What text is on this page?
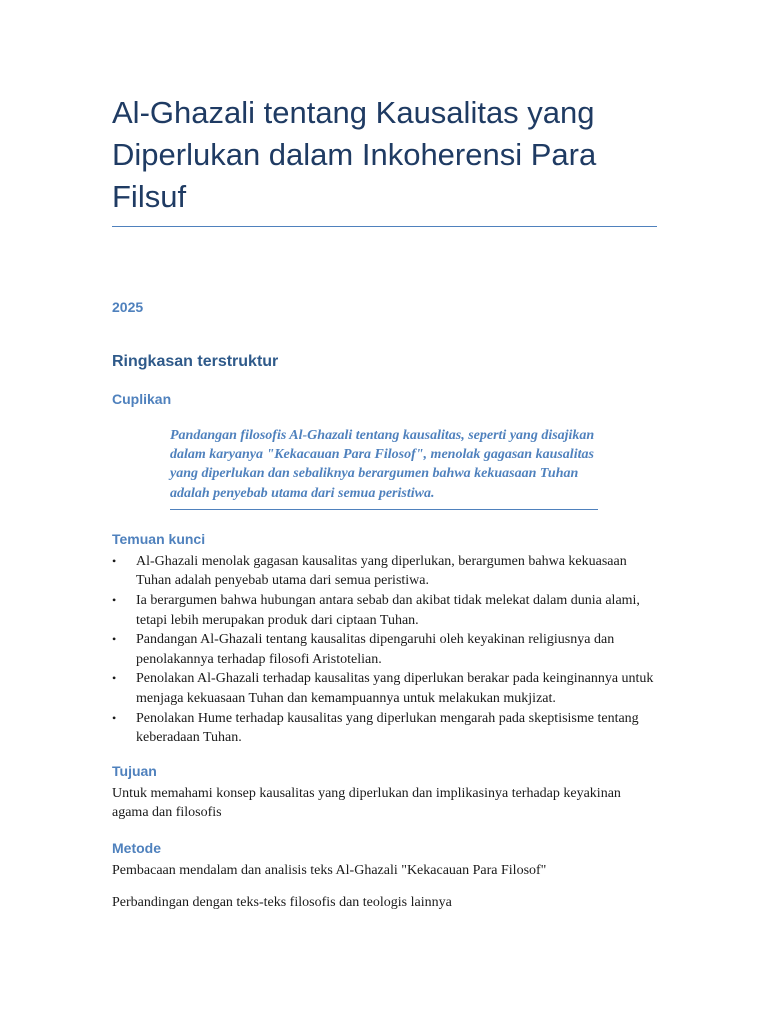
Al-Ghazali tentang Kausalitas yang Diperlukan dalam Inkoherensi Para Filsuf
2025
Ringkasan terstruktur
Cuplikan
Pandangan filosofis Al-Ghazali tentang kausalitas, seperti yang disajikan dalam karyanya "Kekacauan Para Filosof", menolak gagasan kausalitas yang diperlukan dan sebaliknya berargumen bahwa kekuasaan Tuhan adalah penyebab utama dari semua peristiwa.
Temuan kunci
• Al-Ghazali menolak gagasan kausalitas yang diperlukan, berargumen bahwa kekuasaan Tuhan adalah penyebab utama dari semua peristiwa.
• Ia berargumen bahwa hubungan antara sebab dan akibat tidak melekat dalam dunia alami, tetapi lebih merupakan produk dari ciptaan Tuhan.
• Pandangan Al-Ghazali tentang kausalitas dipengaruhi oleh keyakinan religiusnya dan penolakannya terhadap filosofi Aristotelian.
• Penolakan Al-Ghazali terhadap kausalitas yang diperlukan berakar pada keinginannya untuk menjaga kekuasaan Tuhan dan kemampuannya untuk melakukan mukjizat.
• Penolakan Hume terhadap kausalitas yang diperlukan mengarah pada skeptisisme tentang keberadaan Tuhan.
Tujuan
Untuk memahami konsep kausalitas yang diperlukan dan implikasinya terhadap keyakinan agama dan filosofis
Metode
Pembacaan mendalam dan analisis teks Al-Ghazali "Kekacauan Para Filosof"
Perbandingan dengan teks-teks filosofis dan teologis lainnya
